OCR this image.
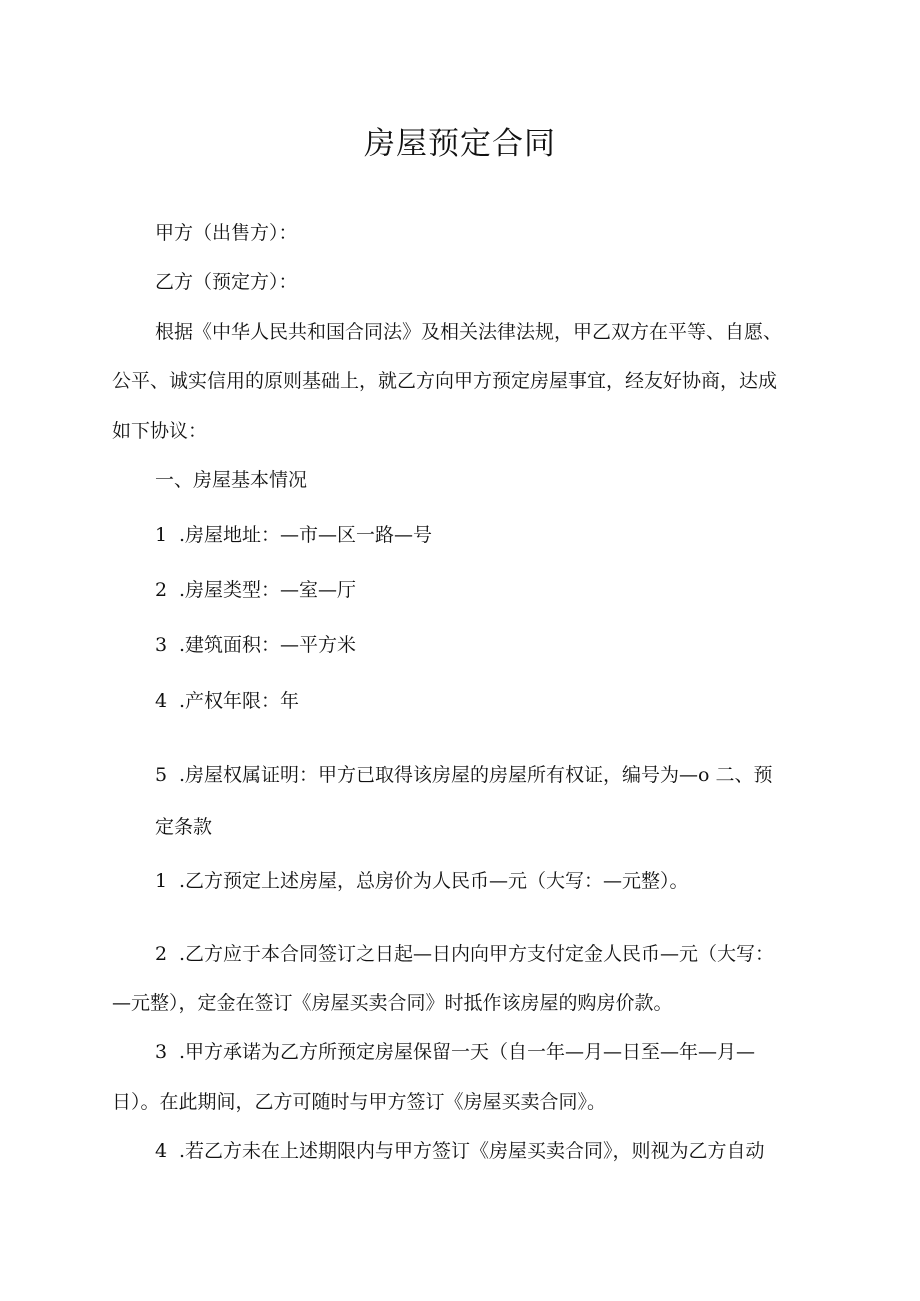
房屋预定合同

甲方（出售方）：

乙方（预定方）：

根据《中华人民共和国合同法》及相关法律法规，甲乙双方在平等、自愿、

公平、诚实信用的原则基础上，就乙方向甲方预定房屋事宜，经友好协商，达成

如下协议：

一、房屋基本情况

1 .房屋地址：—市—区一路—号

2 .房屋类型：—室—厅

3 .建筑面积：—平方米

4 .产权年限：年

5 .房屋权属证明：甲方已取得该房屋的房屋所有权证，编号为—o 二、预

定条款

1 .乙方预定上述房屋，总房价为人民币—元（大写：—元整）。

2 .乙方应于本合同签订之日起—日内向甲方支付定金人民币—元（大写：

—元整），定金在签订《房屋买卖合同》时抵作该房屋的购房价款。

3 .甲方承诺为乙方所预定房屋保留一天（自一年—月—日至—年—月—

日）。在此期间，乙方可随时与甲方签订《房屋买卖合同》。

4 .若乙方未在上述期限内与甲方签订《房屋买卖合同》，则视为乙方自动
